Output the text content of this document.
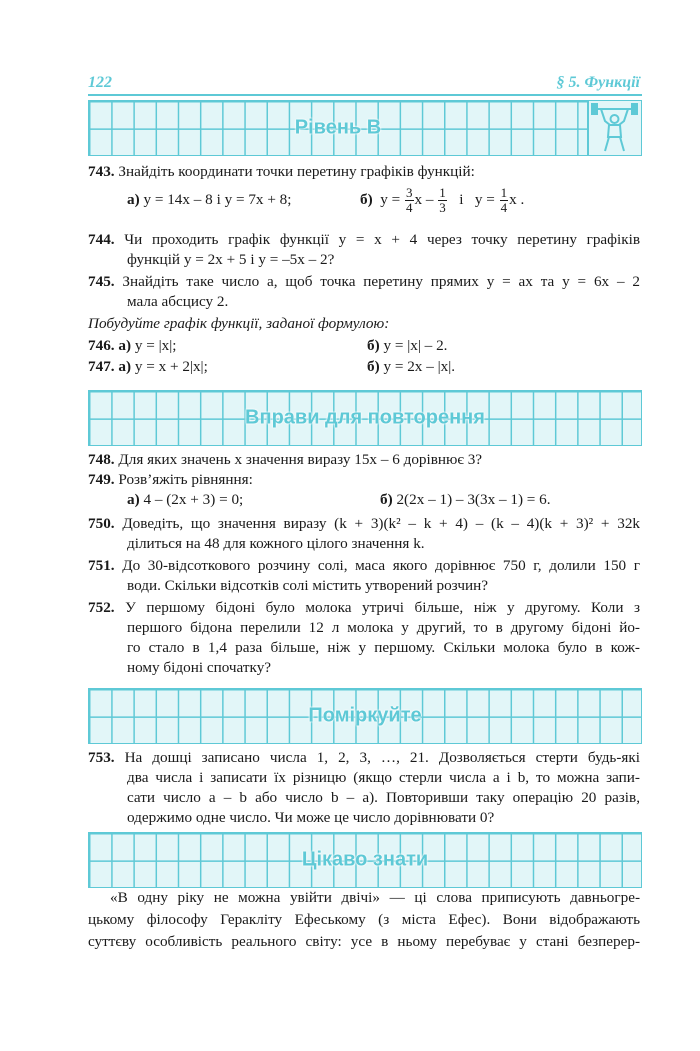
122	§ 5. Функції
Рівень В
743. Знайдіть координати точки перетину графіків функцій:
а) y = 14x – 8 і y = 7x + 8;	б) $y = \frac{3}{4}$ x – $\frac{1}{3}$ і $y = \frac{1}{4}$ x .
744. Чи проходить графік функції y = x + 4 через точку перетину графіків
функцій y = 2x + 5 і y = –5x – 2?
745. Знайдіть таке число a, щоб точка перетину прямих y = ax та y = 6x – 2
мала абсцису 2.
Побудуйте графік функції, заданої формулою:
746. а) y = |x|;	б) y = |x| – 2.
747. а) y = x + 2|x|;	б) y = 2x – |x|.
Вправи для повторення
748. Для яких значень x значення виразу 15x – 6 дорівнює 3?
749. Розв’яжіть рівняння:
а) 4 – (2x + 3) = 0;	б) 2(2x – 1) – 3(3x – 1) = 6.
750. Доведіть, що значення виразу (k + 3)(k² – k + 4) – (k – 4)(k + 3)² + 32k
ділиться на 48 для кожного цілого значення k.
751. До 30-відсоткового розчину солі, маса якого дорівнює 750 г, долили 150 г
води. Скільки відсотків солі містить утворений розчин?
752. У першому бідоні було молока утричі більше, ніж у другому. Коли з
першого бідона перелили 12 л молока у другий, то в другому бідоні йо-
го стало в 1,4 раза більше, ніж у першому. Скільки молока було в кож-
ному бідоні спочатку?
Поміркуйте
753. На дошці записано числа 1, 2, 3, …, 21. Дозволяється стерти будь-які
два числа і записати їх різницю (якщо стерли числа a і b, то можна запи-
сати число a – b або число b – a). Повторивши таку операцію 20 разів,
одержимо одне число. Чи може це число дорівнювати 0?
Цікаво знати
«В одну ріку не можна увійти двічі» — ці слова приписують давньогре-
цькому філософу Геракліту Ефеському (з міста Ефес). Вони відображають
суттєву особливість реального світу: усе в ньому перебуває у стані безперер-
